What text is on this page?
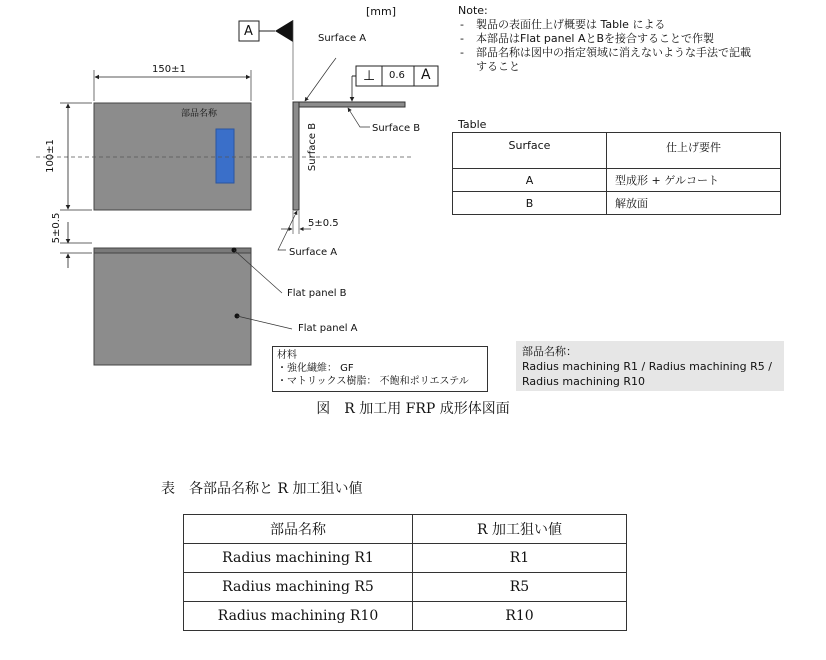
[mm]
A
150±1
100±1
5±0.5	5±0.5
Surface A
Surface B
Surface B
Surface A
Flat panel B
Flat panel A
部品名称
⊥ 0.6 A
Note:
- 製品の表面仕上げ概要は Table による
- 本部品はFlat panel AとBを接合することで作製
- 部品名称は図中の指定領域に消えないような手法で記載
すること
Table
Surface	仕上げ要件
A	型成形 + ゲルコート
B	解放面
材料
・強化繊維： GF
・マトリックス樹脂： 不飽和ポリエステル
部品名称：
Radius machining R1 / Radius machining R5 /
Radius machining R10
図　R 加工用 FRP 成形体図面
表　各部品名称と R 加工狙い値
部品名称	R 加工狙い値
Radius machining R1	R1
Radius machining R5	R5
Radius machining R10	R10
